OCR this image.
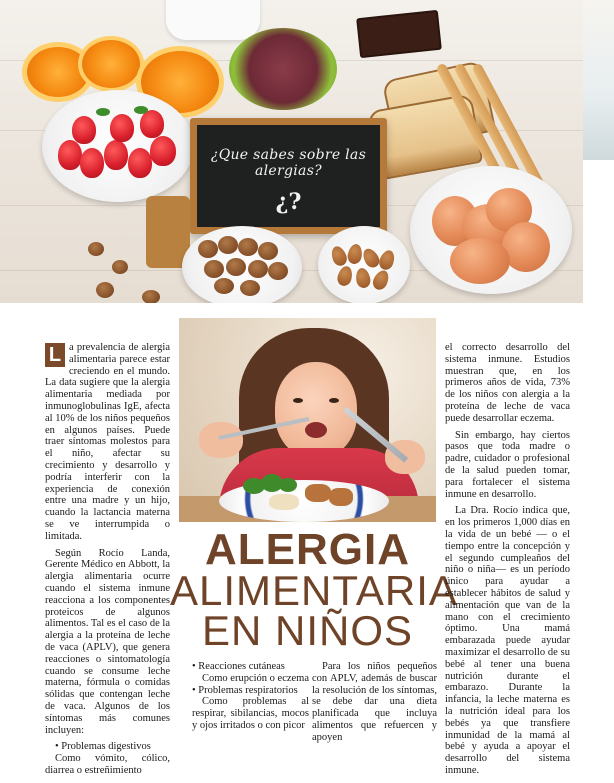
¿Que sabes sobre las alergias?
¿?
ALERGIA
ALIMENTARIA
EN NIÑOS

L a prevalencia de alergia alimentaria parece estar creciendo en el mundo. La data sugiere que la alergia alimentaria mediada por inmunoglobulinas IgE, afecta al 10% de los niños pequeños en algunos países. Puede traer síntomas molestos para el niño, afectar su crecimiento y desarrollo y podría interferir con la experiencia de conexión entre una madre y un hijo, cuando la lactancia materna se ve interrumpida o limitada.

Según Rocío Landa, Gerente Médico en Abbott, la alergia alimentaria ocurre cuando el sistema inmune reacciona a los componentes proteicos de algunos alimentos. Tal es el caso de la alergia a la proteína de leche de vaca (APLV), que genera reacciones o sintomatología cuando se consume leche materna, fórmula o comidas sólidas que contengan leche de vaca. Algunos de los síntomas más comunes incluyen:

• Problemas digestivos

Como vómito, cólico, diarrea o estreñimiento

• Reacciones cutáneas

Como erupción o eczema

• Problemas respiratorios

Como problemas al respirar, sibilancias, mocos y ojos irritados o con picor

Para los niños pequeños con APLV, además de buscar la resolución de los síntomas, se debe dar una dieta planificada que incluya alimentos que refuercen y apoyen

el correcto desarrollo del sistema inmune. Estudios muestran que, en los primeros años de vida, 73% de los niños con alergia a la proteína de leche de vaca puede desarrollar eczema.

Sin embargo, hay ciertos pasos que toda madre o padre, cuidador o profesional de la salud pueden tomar, para fortalecer el sistema inmune en desarrollo.

La Dra. Rocío indica que, en los primeros 1,000 días en la vida de un bebé — o el tiempo entre la concepción y el segundo cumpleaños del niño o niña— es un período único para ayudar a establecer hábitos de salud y alimentación que van de la mano con el crecimiento óptimo. Una mamá embarazada puede ayudar maximizar el desarrollo de su bebé al tener una buena nutrición durante el embarazo. Durante la infancia, la leche materna es la nutrición ideal para los bebés ya que transfiere inmunidad de la mamá al bebé y ayuda a apoyar el desarrollo del sistema inmune.
